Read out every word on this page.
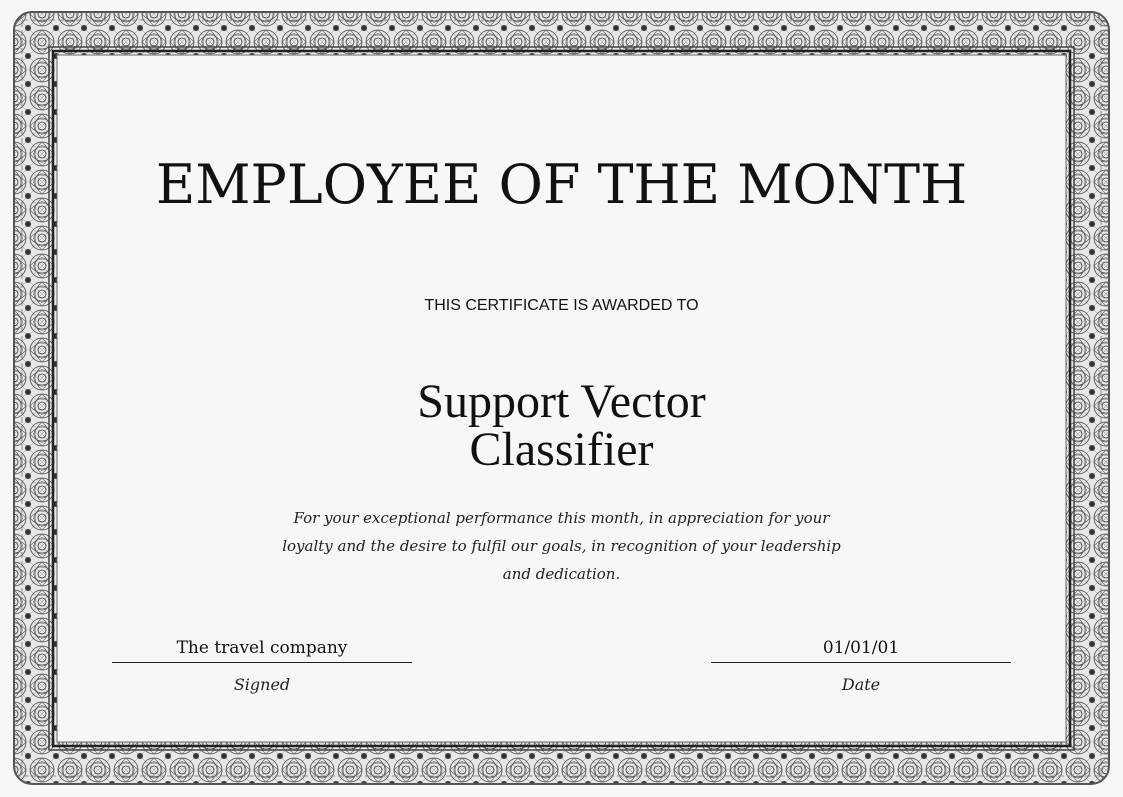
EMPLOYEE OF THE MONTH
THIS CERTIFICATE IS AWARDED TO
Support Vector
Classifier
For your exceptional performance this month, in appreciation for your loyalty and the desire to fulfil our goals, in recognition of your leadership and dedication.
The travel company
Signed
01/01/01
Date
